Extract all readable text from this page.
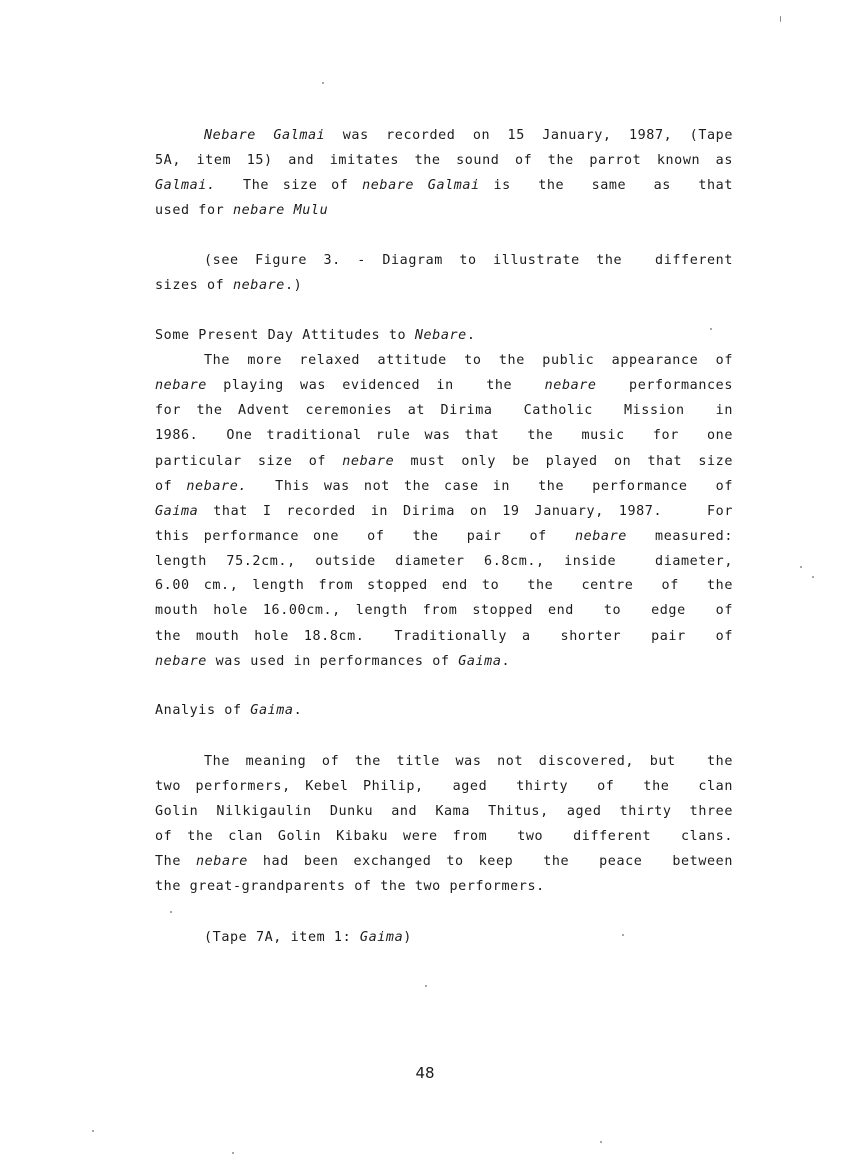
Nebare Galmai was recorded on 15 January, 1987, (Tape
5A, item 15) and imitates the sound of the parrot known as
Galmai.  The size of nebare Galmai is  the  same  as  that
used for nebare Mulu
(see Figure 3. - Diagram to illustrate the  different
sizes of nebare.)
Some Present Day Attitudes to Nebare.
The more relaxed attitude to the public appearance of
nebare playing was evidenced in  the  nebare  performances
for the Advent ceremonies at Dirima  Catholic  Mission  in
1986.  One traditional rule was that  the  music  for  one
particular size of nebare must only be played on that size
of nebare.  This was not the case in  the  performance  of
Gaima that I recorded in Dirima on 19 January, 1987.   For
this performance one  of  the  pair  of  nebare  measured:
length 75.2cm., outside diameter 6.8cm., inside  diameter,
6.00 cm., length from stopped end to  the  centre  of  the
mouth hole 16.00cm., length from stopped end  to  edge  of
the mouth hole 18.8cm.  Traditionally a  shorter  pair  of
nebare was used in performances of Gaima.
Analyis of Gaima.
The meaning of the title was not discovered, but  the
two performers, Kebel Philip,  aged  thirty  of  the  clan
Golin Nilkigaulin Dunku and Kama Thitus, aged thirty three
of the clan Golin Kibaku were from  two  different  clans.
The nebare had been exchanged to keep  the  peace  between
the great-grandparents of the two performers.
(Tape 7A, item 1: Gaima)
48
